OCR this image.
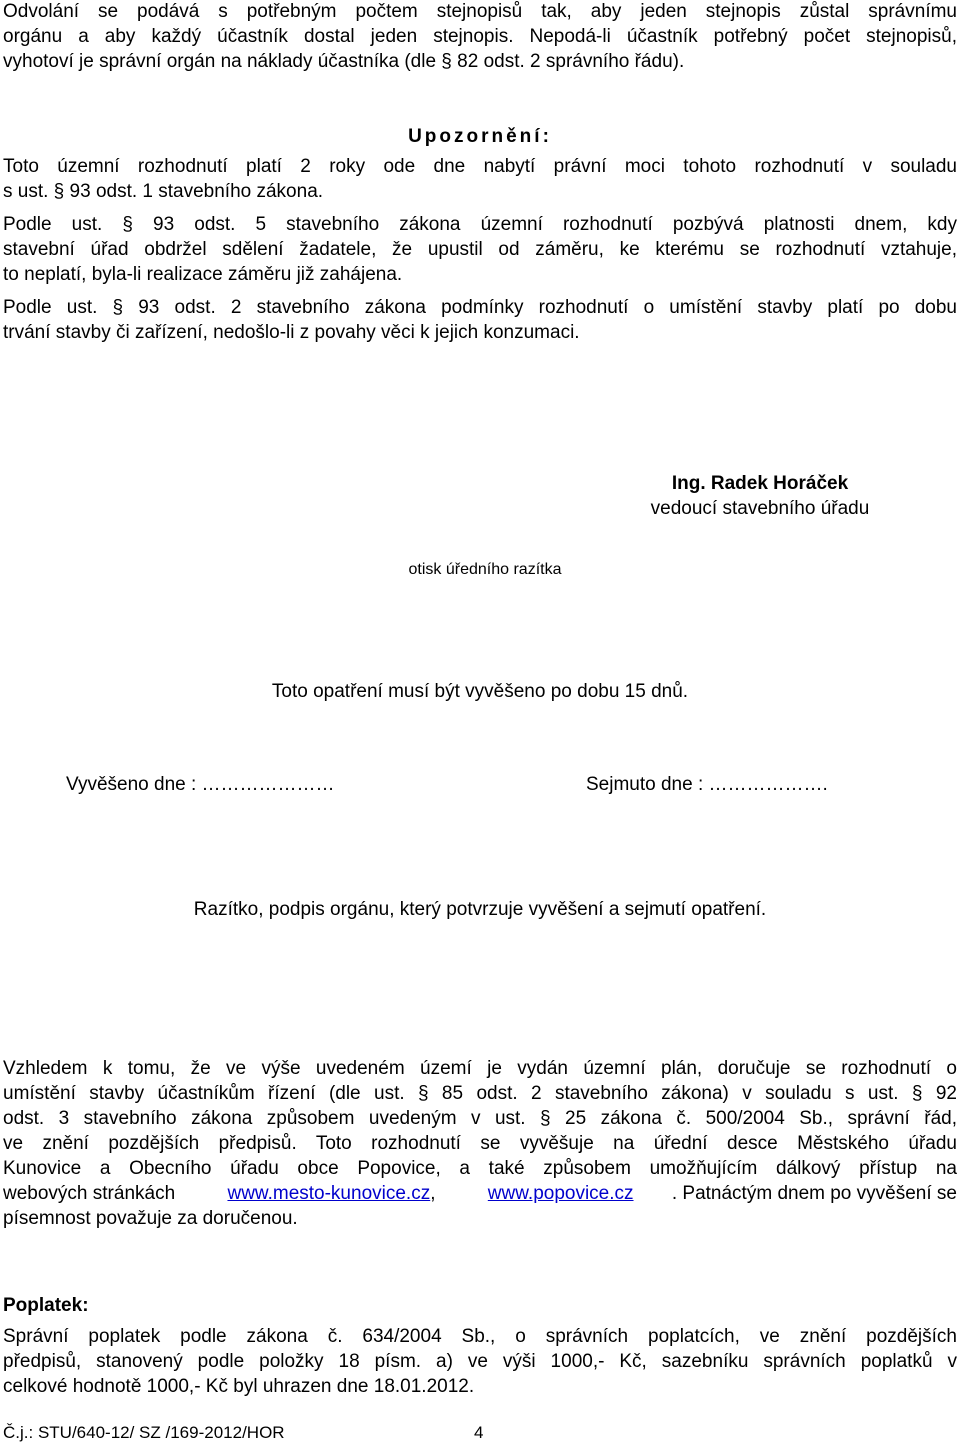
Odvolání se podává s potřebným počtem stejnopisů tak, aby jeden stejnopis zůstal správnímu
orgánu a aby každý účastník dostal jeden stejnopis. Nepodá-li účastník potřebný počet stejnopisů,
vyhotoví je správní orgán na náklady účastníka (dle § 82 odst. 2 správního řádu).
Upozornění:
Toto územní rozhodnutí platí 2 roky ode dne nabytí právní moci tohoto rozhodnutí v souladu
s ust. § 93 odst. 1 stavebního zákona.
Podle ust. § 93 odst. 5 stavebního zákona územní rozhodnutí pozbývá platnosti dnem, kdy
stavební úřad obdržel sdělení žadatele, že upustil od záměru, ke kterému se rozhodnutí vztahuje,
to neplatí, byla-li realizace záměru již zahájena.
Podle ust. § 93 odst. 2 stavebního zákona podmínky rozhodnutí o umístění stavby platí po dobu
trvání stavby či zařízení, nedošlo-li z povahy věci k jejich konzumaci.
Ing. Radek Horáček
vedoucí stavebního úřadu
otisk úředního razítka
Toto opatření musí být vyvěšeno po dobu 15 dnů.
Vyvěšeno dne : …………………	Sejmuto dne : ……………….
Razítko, podpis orgánu, který potvrzuje vyvěšení a sejmutí opatření.
Vzhledem k tomu, že ve výše uvedeném území je vydán územní plán, doručuje se rozhodnutí o
umístění stavby účastníkům řízení (dle ust. § 85 odst. 2 stavebního zákona) v souladu s ust. § 92
odst. 3 stavebního zákona způsobem uvedeným v ust. § 25 zákona č. 500/2004 Sb., správní řád,
ve znění pozdějších předpisů. Toto rozhodnutí se vyvěšuje na úřední desce Městského úřadu
Kunovice a Obecního úřadu obce Popovice, a také způsobem umožňujícím dálkový přístup na
webových stránkách	www.mesto-kunovice.cz ,	www.popovice.cz . Patnáctým dnem po vyvěšení se
písemnost považuje za doručenou.
Poplatek:
Správní poplatek podle zákona č. 634/2004 Sb., o správních poplatcích, ve znění pozdějších
předpisů, stanovený podle položky 18 písm. a) ve výši 1000,- Kč, sazebníku správních poplatků v
celkové hodnotě 1000,- Kč byl uhrazen dne 18.01.2012.
Č.j.: STU/640-12/ SZ /169-2012/HOR	4
